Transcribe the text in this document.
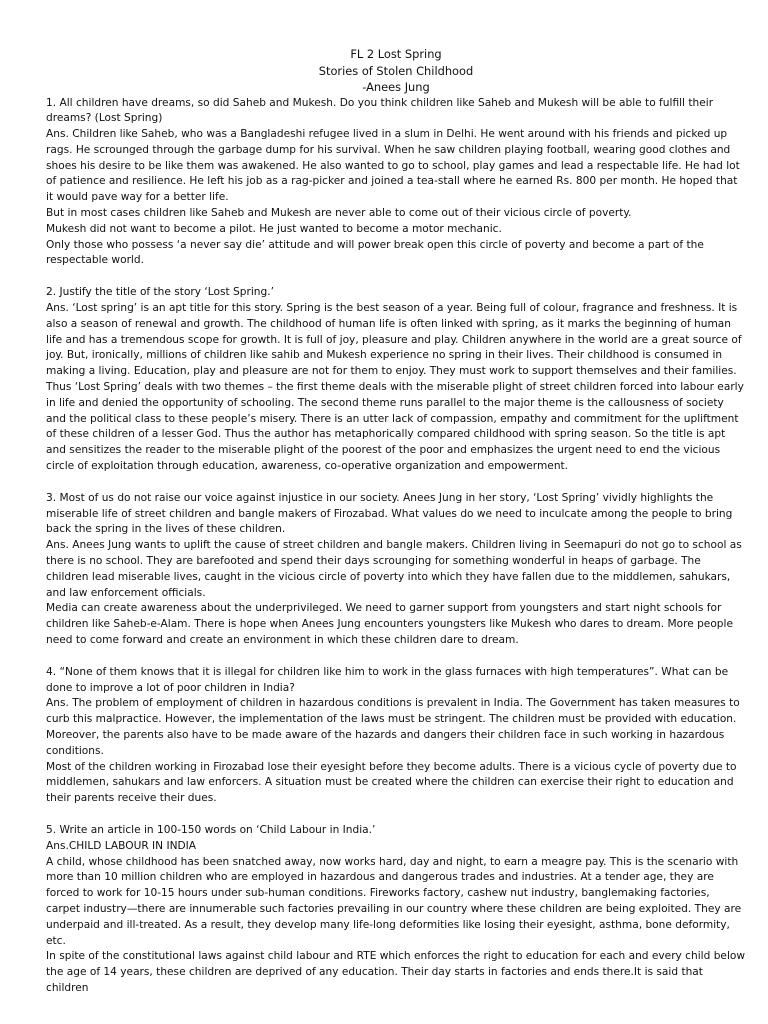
FL 2 Lost Spring
Stories of Stolen Childhood
-Anees Jung

1. All children have dreams, so did Saheb and Mukesh. Do you think children like Saheb and Mukesh will be able to fulfill their dreams? (Lost Spring)

Ans. Children like Saheb, who was a Bangladeshi refugee lived in a slum in Delhi. He went around with his friends and picked up rags. He scrounged through the garbage dump for his survival. When he saw children playing football, wearing good clothes and shoes his desire to be like them was awakened. He also wanted to go to school, play games and lead a respectable life. He had lot of patience and resilience. He left his job as a rag-picker and joined a tea-stall where he earned Rs. 800 per month. He hoped that it would pave way for a better life.

But in most cases children like Saheb and Mukesh are never able to come out of their vicious circle of poverty.

Mukesh did not want to become a pilot. He just wanted to become a motor mechanic.

Only those who possess ‘a never say die’ attitude and will power break open this circle of poverty and become a part of the respectable world.

2. Justify the title of the story ‘Lost Spring.’

Ans. ‘Lost spring’ is an apt title for this story. Spring is the best season of a year. Being full of colour, fragrance and freshness. It is also a season of renewal and growth. The childhood of human life is often linked with spring, as it marks the beginning of human life and has a tremendous scope for growth. It is full of joy, pleasure and play. Children anywhere in the world are a great source of joy. But, ironically, millions of children like sahib and Mukesh experience no spring in their lives. Their childhood is consumed in making a living. Education, play and pleasure are not for them to enjoy. They must work to support themselves and their families.

Thus ‘Lost Spring’ deals with two themes – the first theme deals with the miserable plight of street children forced into labour early in life and denied the opportunity of schooling. The second theme runs parallel to the major theme is the callousness of society and the political class to these people’s misery. There is an utter lack of compassion, empathy and commitment for the upliftment of these children of a lesser God. Thus the author has metaphorically compared childhood with spring season. So the title is apt and sensitizes the reader to the miserable plight of the poorest of the poor and emphasizes the urgent need to end the vicious circle of exploitation through education, awareness, co-operative organization and empowerment.

3. Most of us do not raise our voice against injustice in our society. Anees Jung in her story, ‘Lost Spring’ vividly highlights the miserable life of street children and bangle makers of Firozabad. What values do we need to inculcate among the people to bring back the spring in the lives of these children.

Ans. Anees Jung wants to uplift the cause of street children and bangle makers. Children living in Seemapuri do not go to school as there is no school. They are barefooted and spend their days scrounging for something wonderful in heaps of garbage. The children lead miserable lives, caught in the vicious circle of poverty into which they have fallen due to the middlemen, sahukars, and law enforcement officials.

Media can create awareness about the underprivileged. We need to garner support from youngsters and start night schools for children like Saheb-e-Alam. There is hope when Anees Jung encounters youngsters like Mukesh who dares to dream. More people need to come forward and create an environment in which these children dare to dream.

4. “None of them knows that it is illegal for children like him to work in the glass furnaces with high temperatures”. What can be done to improve a lot of poor children in India?

Ans. The problem of employment of children in hazardous conditions is prevalent in India. The Government has taken measures to curb this malpractice. However, the implementation of the laws must be stringent. The children must be provided with education. Moreover, the parents also have to be made aware of the hazards and dangers their children face in such working in hazardous conditions.

Most of the children working in Firozabad lose their eyesight before they become adults. There is a vicious cycle of poverty due to middlemen, sahukars and law enforcers. A situation must be created where the children can exercise their right to education and their parents receive their dues.

5. Write an article in 100-150 words on ‘Child Labour in India.’

Ans.CHILD LABOUR IN INDIA

A child, whose childhood has been snatched away, now works hard, day and night, to earn a meagre pay. This is the scenario with more than 10 million children who are employed in hazardous and dangerous trades and industries. At a tender age, they are forced to work for 10-15 hours under sub-human conditions. Fireworks factory, cashew nut industry, banglemaking factories, carpet industry—there are innumerable such factories prevailing in our country where these children are being exploited. They are underpaid and ill-treated. As a result, they develop many life-long deformities like losing their eyesight, asthma, bone deformity, etc.

In spite of the constitutional laws against child labour and RTE which enforces the right to education for each and every child below the age of 14 years, these children are deprived of any education. Their day starts in factories and ends there.It is said that children
